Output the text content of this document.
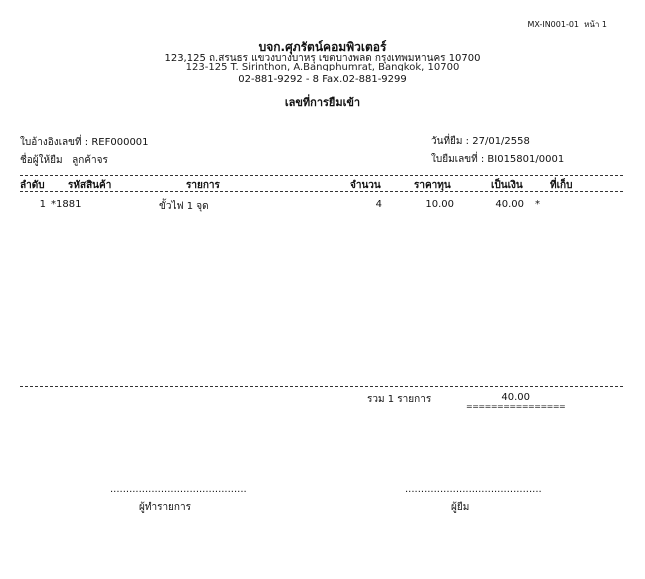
MX-IN001-01 หน้า 1
บจก.ศุภรัตน์คอมพิวเตอร์
123,125 ถ.สรนธร แขวงบางบาหรุ เขตบางพลด กรุงเทพมหานคร 10700
123-125 T. Sirinthon, A.Bangphumrat, Bangkok, 10700
02-881-9292 - 8 Fax.02-881-9299
เลขที่การยืมเข้า
ใบอ้างอิงเลขที่ : REF000001
ชื่อผู้ให้ยืม ลูกค้าจร
วันที่ยืม : 27/01/2558
ใบยืมเลขที่ : BI015801/0001
ลำดับ รหัสสินค้า	รายการ	จำนวน	ราคาทุน	เป็นเงิน	ที่เก็บ
1 *1881	ขั้วไฟ 1 จุด	4	10.00	40.00 *
รวม 1 รายการ	40.00
================
...........................................
ผู้ทำรายการ
...........................................
ผู้ยืม
